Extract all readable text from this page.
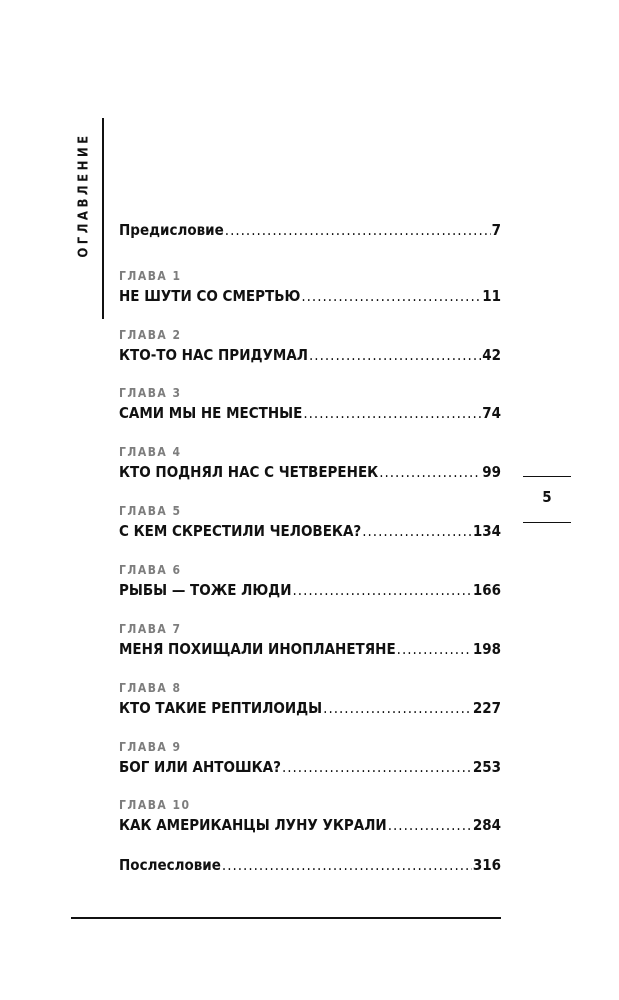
ОГЛАВЛЕНИЕ Предисловие .....	7
ГЛАВА 1
НЕ ШУТИ СО СМЕРТЬЮ .....	11
ГЛАВА 2
КТО-ТО НАС ПРИДУМАЛ .....	42
ГЛАВА 3
САМИ МЫ НЕ МЕСТНЫЕ .....	74
ГЛАВА 4
КТО ПОДНЯЛ НАС С ЧЕТВЕРЕНЕК .....	99
ГЛАВА 5
С КЕМ СКРЕСТИЛИ ЧЕЛОВЕКА? .....	134
ГЛАВА 6
РЫБЫ — ТОЖЕ ЛЮДИ .....	166
ГЛАВА 7
МЕНЯ ПОХИЩАЛИ ИНОПЛАНЕТЯНЕ .....	198
ГЛАВА 8
КТО ТАКИЕ РЕПТИЛОИДЫ .....	227
ГЛАВА 9
БОГ ИЛИ АНТОШКА? .....	253
ГЛАВА 10
КАК АМЕРИКАНЦЫ ЛУНУ УКРАЛИ .....	284
Послесловие .....	316
5
